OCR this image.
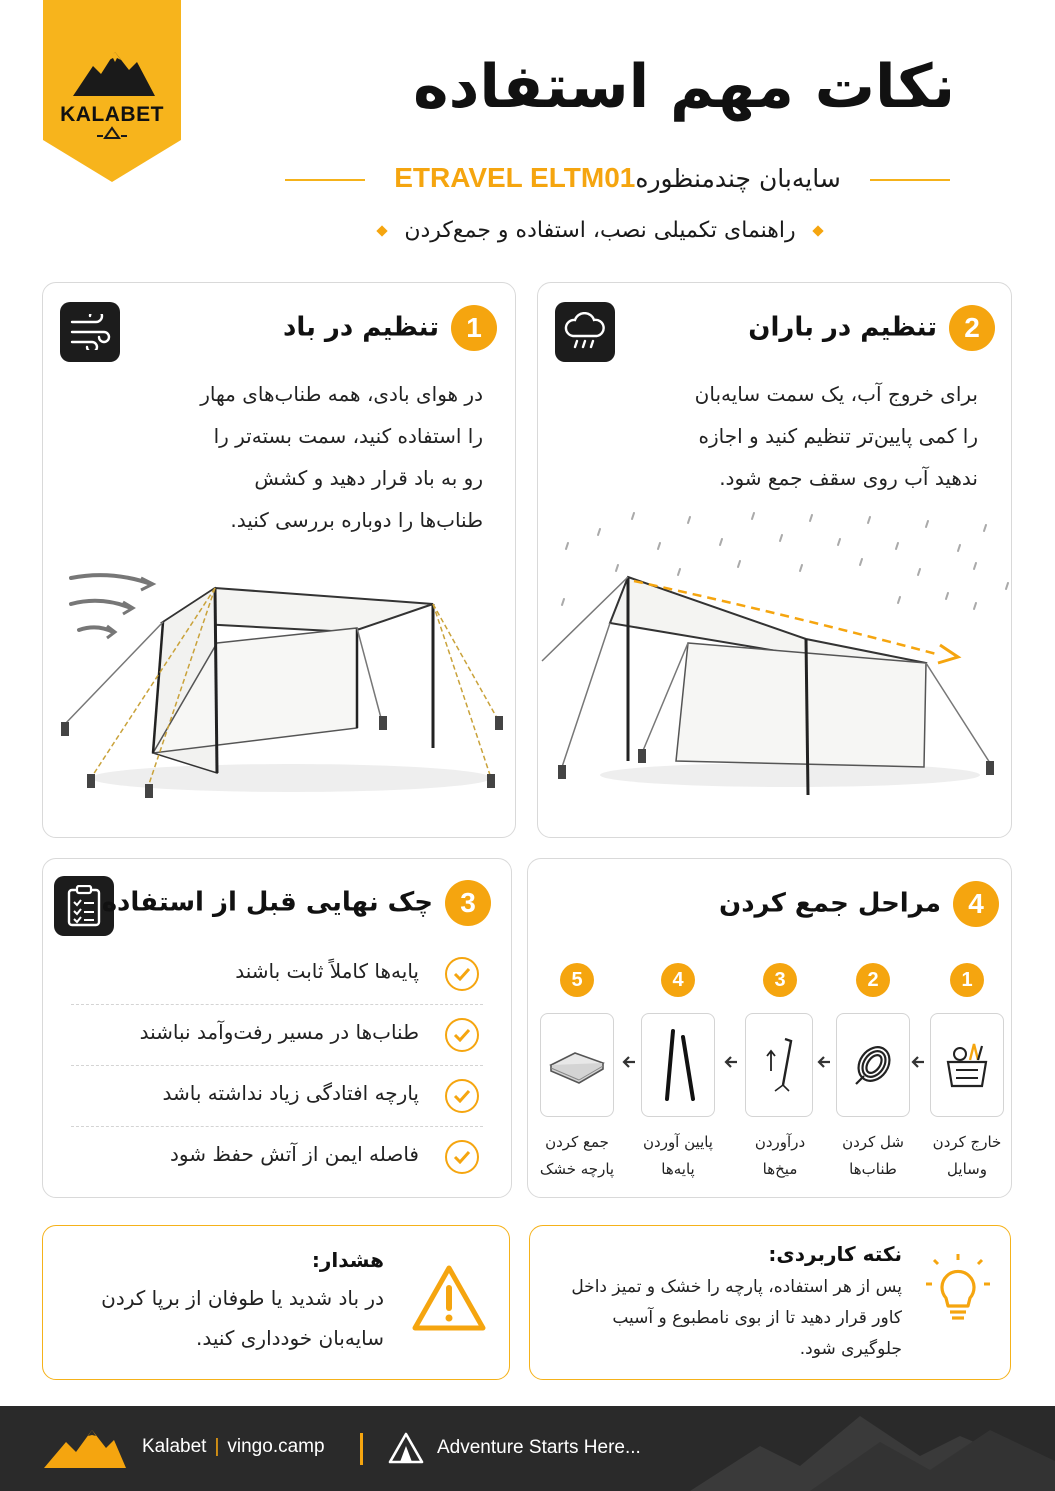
KALABET	نکات مهم استفاده
سایه‌بان چندمنظورهETRAVEL ELTM01
راهنمای تکمیلی نصب، استفاده و جمع‌کردن
1تنظیم در باد
در هوای بادی، همه طناب‌های مهار
را استفاده کنید، سمت بسته‌تر را
رو به باد قرار دهید و کشش
طناب‌ها را دوباره بررسی کنید.
2تنظیم در باران
برای خروج آب، یک سمت سایه‌بان
را کمی پایین‌تر تنظیم کنید و اجازه
ندهید آب روی سقف جمع شود.
3چک نهایی قبل از استفاده
پایه‌ها کاملاً ثابت باشند
طناب‌ها در مسیر رفت‌وآمد نباشند
پارچه افتادگی زیاد نداشته باشد
فاصله ایمن از آتش حفظ شود
4مراحل جمع کردن
1
خارج کردن
وسایل
2
شل کردن
طناب‌ها
3
درآوردن
میخ‌ها
4
پایین آوردن
پایه‌ها
5
جمع کردن
پارچه خشک
هشدار:
در باد شدید یا طوفان از برپا کردن
سایه‌بان خودداری کنید.
نکته کاربردی:
پس از هر استفاده، پارچه را خشک و تمیز داخل
کاور قرار دهید تا از بوی نامطبوع و آسیب
جلوگیری شود.
Kalabet | vingo.camp	Adventure Starts Here...
